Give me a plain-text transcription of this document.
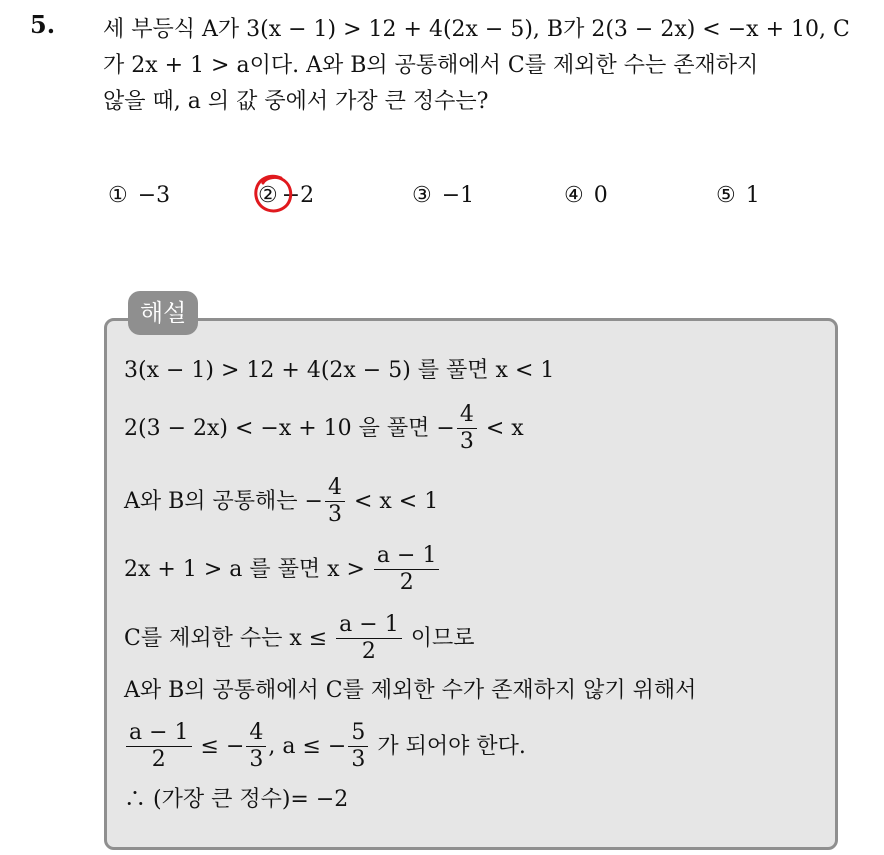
5. 세 부등식 A가 3(x − 1) > 12 + 4(2x − 5), B가 2(3 − 2x) < −x + 10, C
가 2x + 1 > a이다. A와 B의 공통해에서 C를 제외한 수는 존재하지
않을 때, a 의 값 중에서 가장 큰 정수는?
① −3	② −2	③ −1	④ 0	⑤ 1
해설
3(x − 1) > 12 + 4(2x − 5) 를 풀면 x < 1
2(3 − 2x) < −x + 10 을 풀면 − $\frac{4}{3} < x$
A와 B의 공통해는 − $\frac{4}{3} < x < 1$
2x + 1 > a 를 풀면 $x > \frac{a - 1}{2}$
C를 제외한 수는 $x \le \frac{a - 1}{2}$ 이므로
A와 B의 공통해에서 C를 제외한 수가 존재하지 않기 위해서
$\frac{a - 1}{2}$ ≤ − $\frac{4}{3}$ , a ≤ − $\frac{5}{3}$ 가 되어야 한다.
∴ (가장 큰 정수)= −2
